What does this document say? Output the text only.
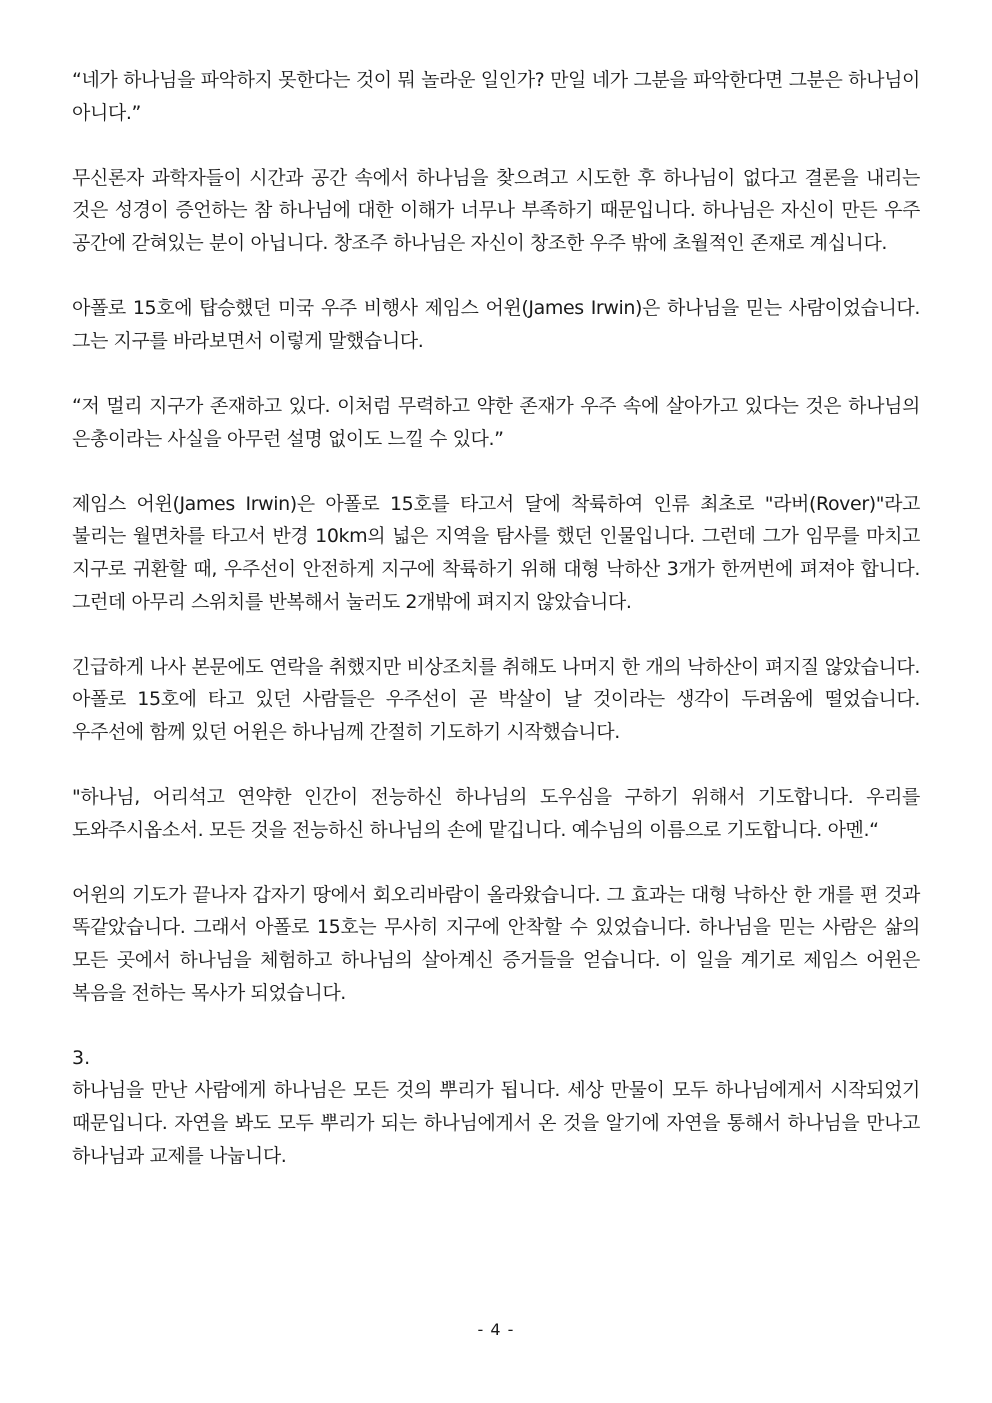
“네가 하나님을 파악하지 못한다는 것이 뭐 놀라운 일인가? 만일 네가 그분을 파악한다면 그분은 하나님이 아니다.”

무신론자 과학자들이 시간과 공간 속에서 하나님을 찾으려고 시도한 후 하나님이 없다고 결론을 내리는 것은 성경이 증언하는 참 하나님에 대한 이해가 너무나 부족하기 때문입니다. 하나님은 자신이 만든 우주 공간에 갇혀있는 분이 아닙니다. 창조주 하나님은 자신이 창조한 우주 밖에 초월적인 존재로 계십니다.

아폴로 15호에 탑승했던 미국 우주 비행사 제임스 어윈(James Irwin)은 하나님을 믿는 사람이었습니다. 그는 지구를 바라보면서 이렇게 말했습니다.

“저 멀리 지구가 존재하고 있다. 이처럼 무력하고 약한 존재가 우주 속에 살아가고 있다는 것은 하나님의 은총이라는 사실을 아무런 설명 없이도 느낄 수 있다.”

제임스 어윈(James Irwin)은 아폴로 15호를 타고서 달에 착륙하여 인류 최초로 "라버(Rover)"라고 불리는 월면차를 타고서 반경 10km의 넓은 지역을 탐사를 했던 인물입니다. 그런데 그가 임무를 마치고 지구로 귀환할 때, 우주선이 안전하게 지구에 착륙하기 위해 대형 낙하산 3개가 한꺼번에 펴져야 합니다. 그런데 아무리 스위치를 반복해서 눌러도 2개밖에 펴지지 않았습니다.

긴급하게 나사 본문에도 연락을 취했지만 비상조치를 취해도 나머지 한 개의 낙하산이 펴지질 않았습니다. 아폴로 15호에 타고 있던 사람들은 우주선이 곧 박살이 날 것이라는 생각이 두려움에 떨었습니다. 우주선에 함께 있던 어윈은 하나님께 간절히 기도하기 시작했습니다.

"하나님, 어리석고 연약한 인간이 전능하신 하나님의 도우심을 구하기 위해서 기도합니다. 우리를 도와주시옵소서. 모든 것을 전능하신 하나님의 손에 맡깁니다. 예수님의 이름으로 기도합니다. 아멘.“

어윈의 기도가 끝나자 갑자기 땅에서 회오리바람이 올라왔습니다. 그 효과는 대형 낙하산 한 개를 편 것과 똑같았습니다. 그래서 아폴로 15호는 무사히 지구에 안착할 수 있었습니다. 하나님을 믿는 사람은 삶의 모든 곳에서 하나님을 체험하고 하나님의 살아계신 증거들을 얻습니다. 이 일을 계기로 제임스 어윈은 복음을 전하는 목사가 되었습니다.

3.

하나님을 만난 사람에게 하나님은 모든 것의 뿌리가 됩니다. 세상 만물이 모두 하나님에게서 시작되었기 때문입니다. 자연을 봐도 모두 뿌리가 되는 하나님에게서 온 것을 알기에 자연을 통해서 하나님을 만나고 하나님과 교제를 나눕니다.

- 4 -
